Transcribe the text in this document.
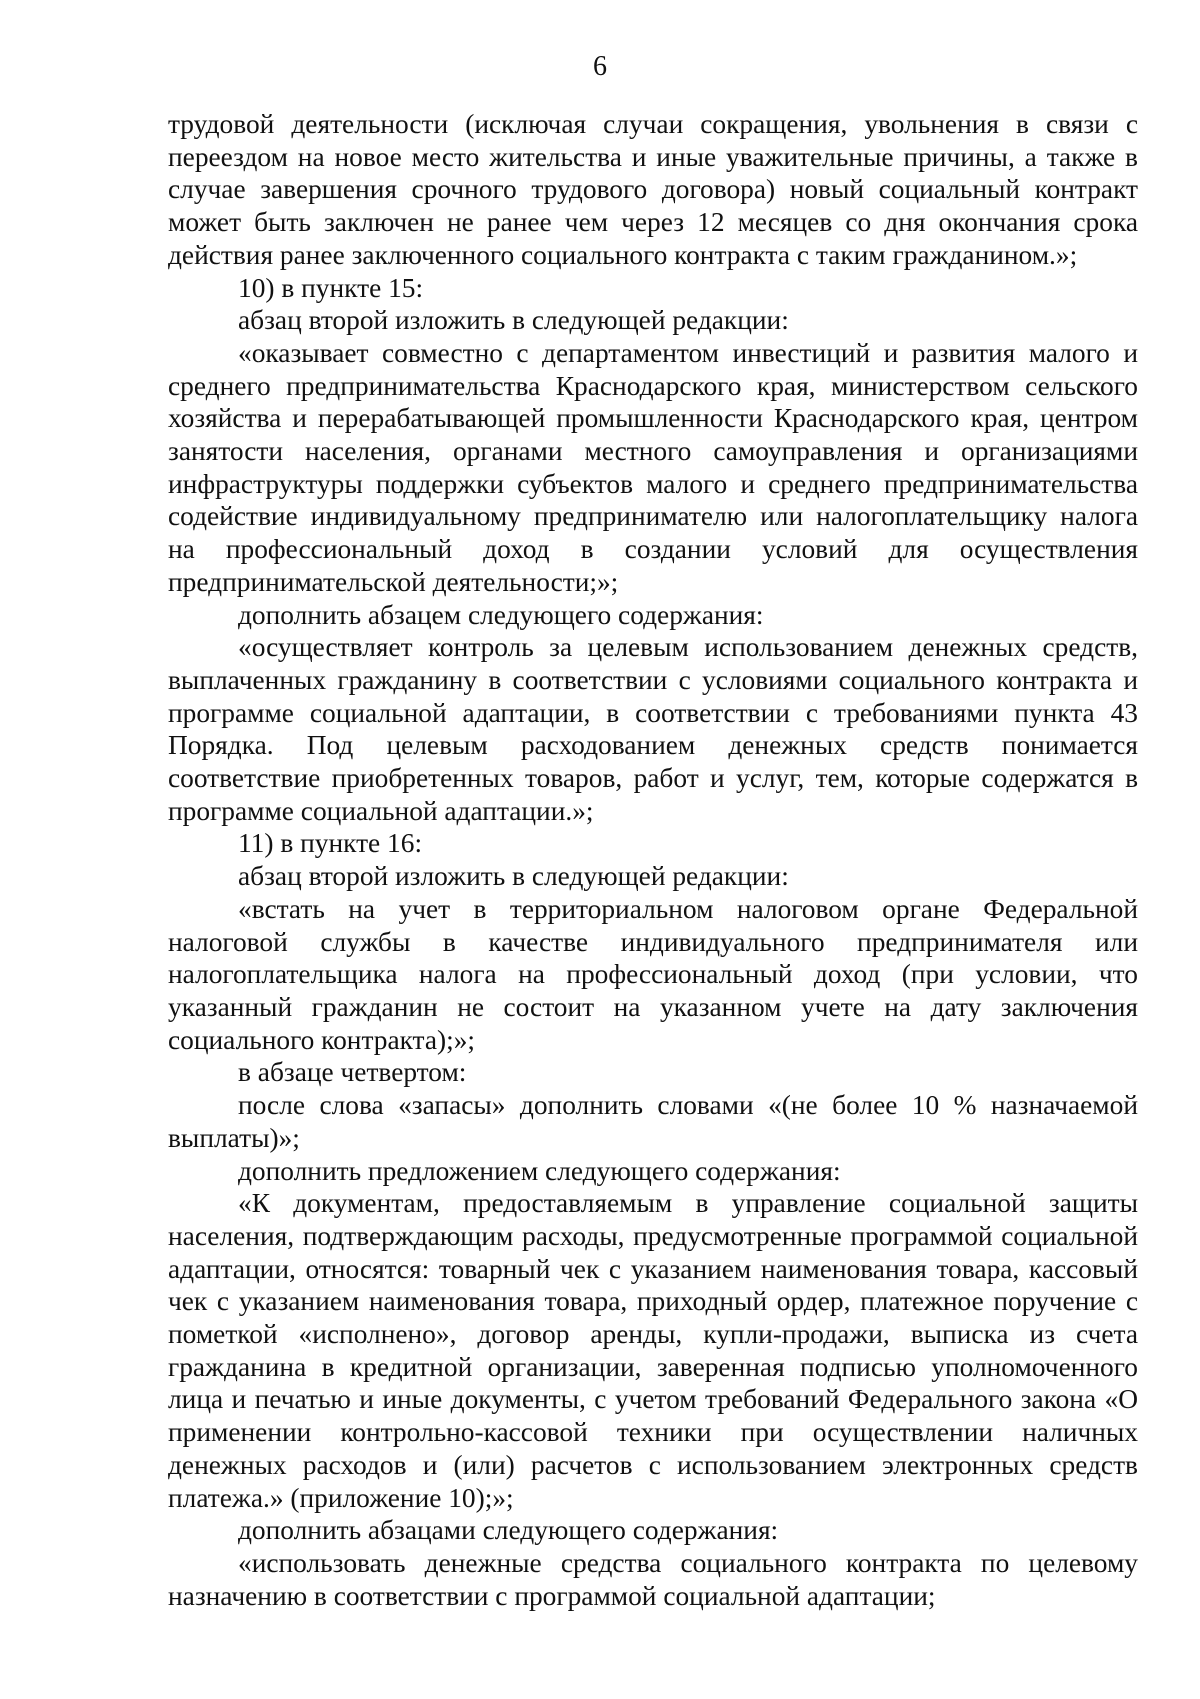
6

трудовой деятельности (исключая случаи сокращения, увольнения в связи с переездом на новое место жительства и иные уважительные причины, а также в случае завершения срочного трудового договора) новый социальный контракт может быть заключен не ранее чем через 12 месяцев со дня окончания срока действия ранее заключенного социального контракта с таким гражданином.»;

10) в пункте 15:

абзац второй изложить в следующей редакции:

«оказывает совместно с департаментом инвестиций и развития малого и среднего предпринимательства Краснодарского края, министерством сельского хозяйства и перерабатывающей промышленности Краснодарского края, центром занятости населения, органами местного самоуправления и организациями инфраструктуры поддержки субъектов малого и среднего предпринимательства содействие индивидуальному предпринимателю или налогоплательщику налога на профессиональный доход в создании условий для осуществления предпринимательской деятельности;»;

дополнить абзацем следующего содержания:

«осуществляет контроль за целевым использованием денежных средств, выплаченных гражданину в соответствии с условиями социального контракта и программе социальной адаптации, в соответствии с требованиями пункта 43 Порядка. Под целевым расходованием денежных средств понимается соответствие приобретенных товаров, работ и услуг, тем, которые содержатся в программе социальной адаптации.»;

11) в пункте 16:

абзац второй изложить в следующей редакции:

«встать на учет в территориальном налоговом органе Федеральной налоговой службы в качестве индивидуального предпринимателя или налогоплательщика налога на профессиональный доход (при условии, что указанный гражданин не состоит на указанном учете на дату заключения социального контракта);»;

в абзаце четвертом:

после слова «запасы» дополнить словами «(не более 10 % назначаемой выплаты)»;

дополнить предложением следующего содержания:

«К документам, предоставляемым в управление социальной защиты населения, подтверждающим расходы, предусмотренные программой социальной адаптации, относятся: товарный чек с указанием наименования товара, кассовый чек с указанием наименования товара, приходный ордер, платежное поручение с пометкой «исполнено», договор аренды, купли-продажи, выписка из счета гражданина в кредитной организации, заверенная подписью уполномоченного лица и печатью и иные документы, с учетом требований Федерального закона «О применении контрольно-кассовой техники при осуществлении наличных денежных расходов и (или) расчетов с использованием электронных средств платежа.» (приложение 10);»;

дополнить абзацами следующего содержания:

«использовать денежные средства социального контракта по целевому назначению в соответствии с программой социальной адаптации;
